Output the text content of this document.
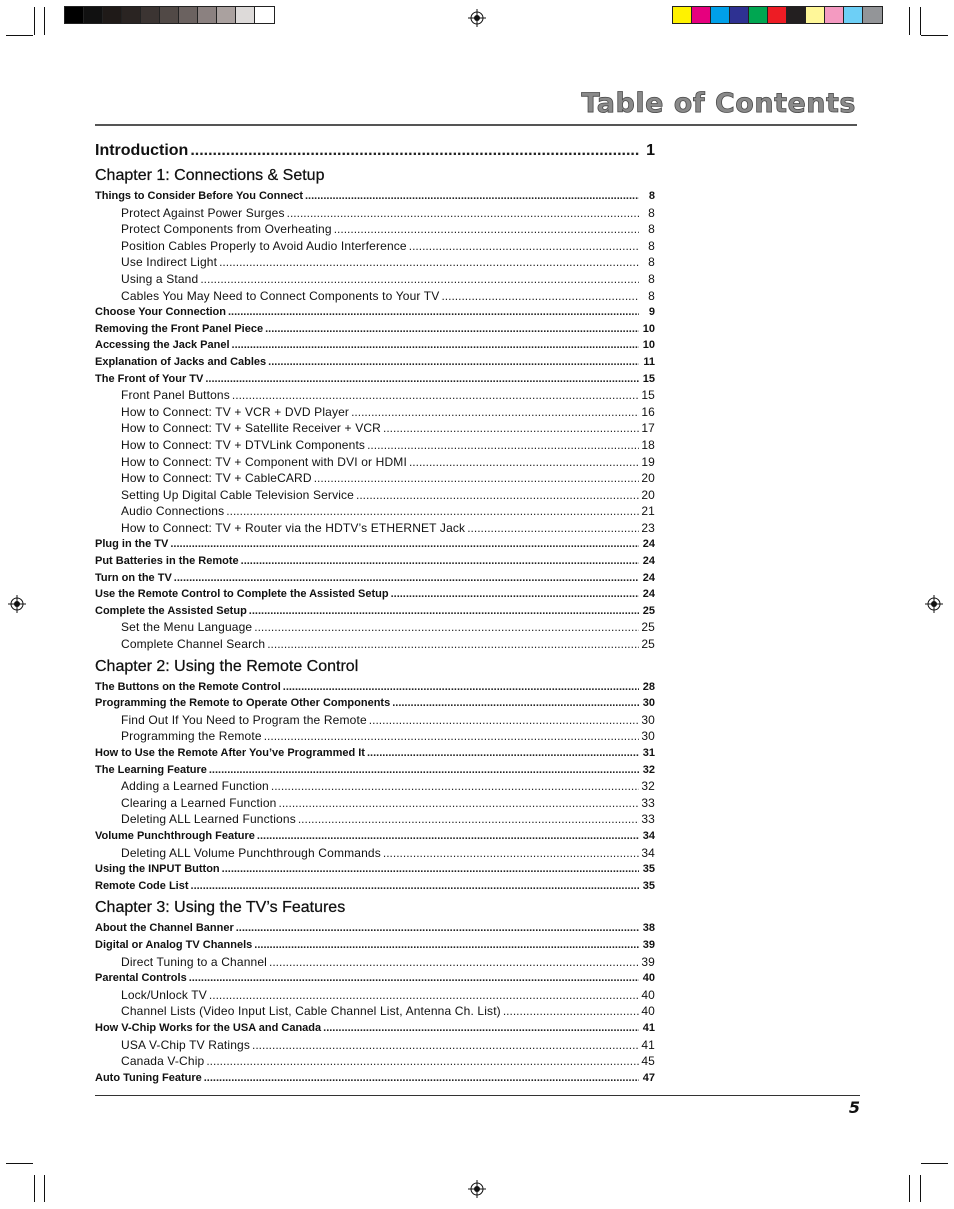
Table of Contents
Introduction .....	1
Chapter 1: Connections & Setup
Things to Consider Before You Connect .....	8
Protect Against Power Surges .....	8
Protect Components from Overheating .....	8
Position Cables Properly to Avoid Audio Interference .....	8
Use Indirect Light .....	8
Using a Stand .....	8
Cables You May Need to Connect Components to Your TV .....	8
Choose Your Connection .....	9
Removing the Front Panel Piece .....	10
Accessing the Jack Panel .....	10
Explanation of Jacks and Cables .....	11
The Front of Your TV .....	15
Front Panel Buttons .....	15
How to Connect: TV + VCR + DVD Player .....	16
How to Connect: TV + Satellite Receiver + VCR .....	17
How to Connect: TV + DTVLink Components .....	18
How to Connect: TV + Component with DVI or HDMI .....	19
How to Connect: TV + CableCARD .....	20
Setting Up Digital Cable Television Service .....	20
Audio Connections .....	21
How to Connect: TV + Router via the HDTV’s ETHERNET Jack .....	23
Plug in the TV .....	24
Put Batteries in the Remote .....	24
Turn on the TV .....	24
Use the Remote Control to Complete the Assisted Setup .....	24
Complete the Assisted Setup .....	25
Set the Menu Language .....	25
Complete Channel Search .....	25
Chapter 2: Using the Remote Control
The Buttons on the Remote Control .....	28
Programming the Remote to Operate Other Components .....	30
Find Out If You Need to Program the Remote .....	30
Programming the Remote .....	30
How to Use the Remote After You’ve Programmed It .....	31
The Learning Feature .....	32
Adding a Learned Function .....	32
Clearing a Learned Function .....	33
Deleting ALL Learned Functions .....	33
Volume Punchthrough Feature .....	34
Deleting ALL Volume Punchthrough Commands .....	34
Using the INPUT Button .....	35
Remote Code List .....	35
Chapter 3: Using the TV’s Features
About the Channel Banner .....	38
Digital or Analog TV Channels .....	39
Direct Tuning to a Channel .....	39
Parental Controls .....	40
Lock/Unlock TV .....	40
Channel Lists (Video Input List, Cable Channel List, Antenna Ch. List) .....	40
How V-Chip Works for the USA and Canada .....	41
USA V-Chip TV Ratings .....	41
Canada V-Chip .....	45
Auto Tuning Feature .....	47
5
